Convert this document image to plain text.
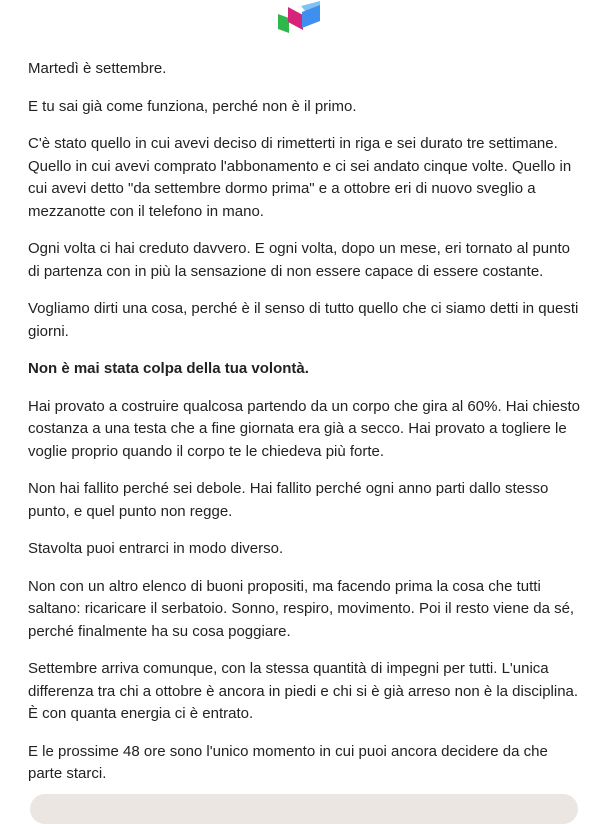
Martedì è settembre.

E tu sai già come funziona, perché non è il primo.

C'è stato quello in cui avevi deciso di rimetterti in riga e sei durato tre settimane. Quello in cui avevi comprato l'abbonamento e ci sei andato cinque volte. Quello in cui avevi detto "da settembre dormo prima" e a ottobre eri di nuovo sveglio a mezzanotte con il telefono in mano.

Ogni volta ci hai creduto davvero. E ogni volta, dopo un mese, eri tornato al punto di partenza con in più la sensazione di non essere capace di essere costante.

Vogliamo dirti una cosa, perché è il senso di tutto quello che ci siamo detti in questi giorni.

Non è mai stata colpa della tua volontà.

Hai provato a costruire qualcosa partendo da un corpo che gira al 60%. Hai chiesto costanza a una testa che a fine giornata era già a secco. Hai provato a togliere le voglie proprio quando il corpo te le chiedeva più forte.

Non hai fallito perché sei debole. Hai fallito perché ogni anno parti dallo stesso punto, e quel punto non regge.

Stavolta puoi entrarci in modo diverso.

Non con un altro elenco di buoni propositi, ma facendo prima la cosa che tutti saltano: ricaricare il serbatoio. Sonno, respiro, movimento. Poi il resto viene da sé, perché finalmente ha su cosa poggiare.

Settembre arriva comunque, con la stessa quantità di impegni per tutti. L'unica differenza tra chi a ottobre è ancora in piedi e chi si è già arreso non è la disciplina. È con quanta energia ci è entrato.

E le prossime 48 ore sono l'unico momento in cui puoi ancora decidere da che parte starci.
